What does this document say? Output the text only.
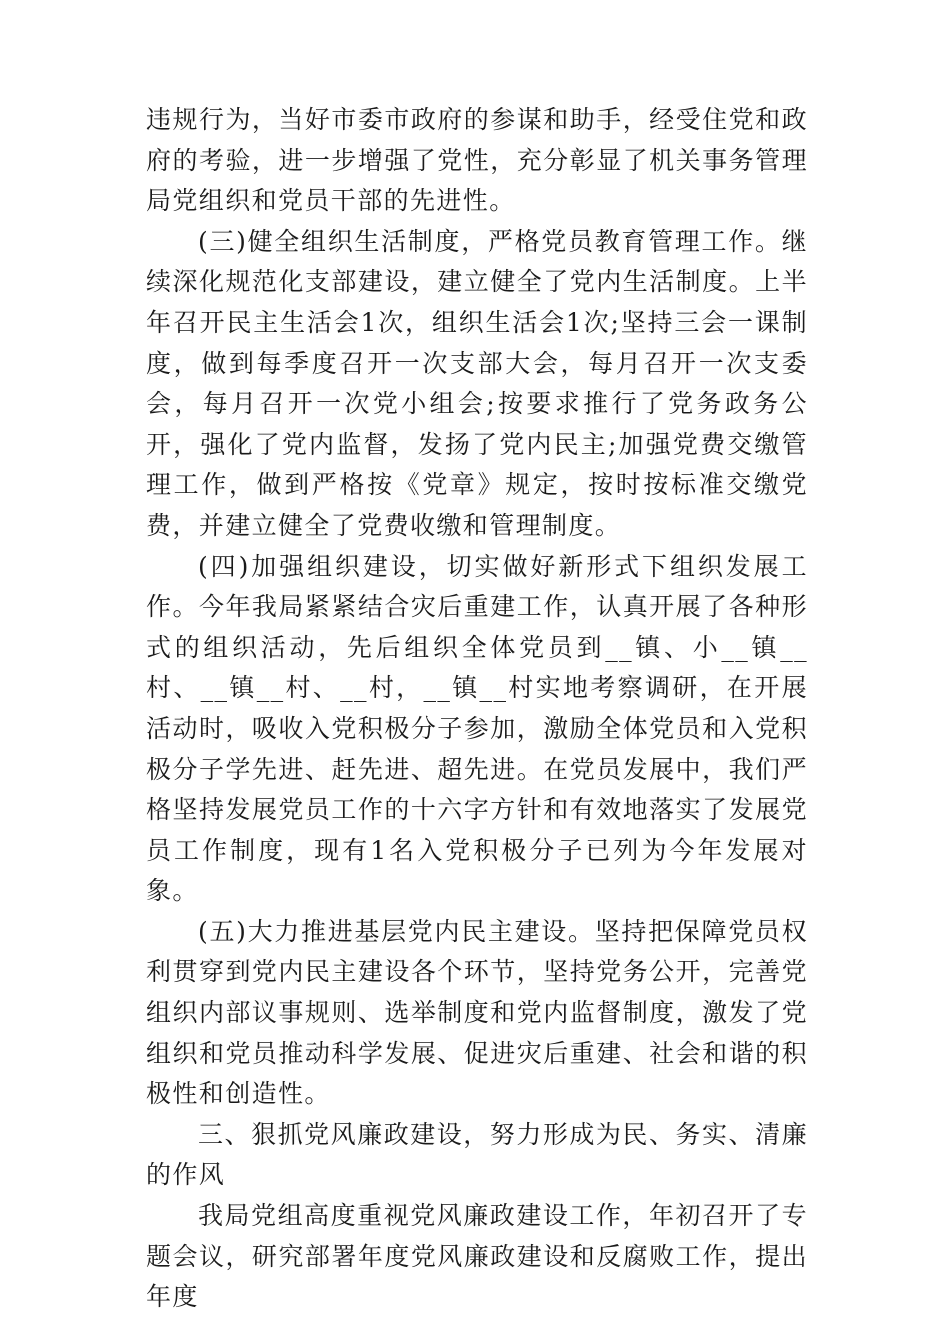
违规行为，当好市委市政府的参谋和助手，经受住党和政府的考验，进一步增强了党性，充分彰显了机关事务管理局党组织和党员干部的先进性。

(三)健全组织生活制度，严格党员教育管理工作。继续深化规范化支部建设，建立健全了党内生活制度。上半年召开民主生活会1次，组织生活会1次;坚持三会一课制度，做到每季度召开一次支部大会，每月召开一次支委会，每月召开一次党小组会;按要求推行了党务政务公开，强化了党内监督，发扬了党内民主;加强党费交缴管理工作，做到严格按《党章》规定，按时按标准交缴党费，并建立健全了党费收缴和管理制度。

(四)加强组织建设，切实做好新形式下组织发展工作。今年我局紧紧结合灾后重建工作，认真开展了各种形式的组织活动，先后组织全体党员到__镇、小__镇__村、__镇__村、__村，__镇__村实地考察调研，在开展活动时，吸收入党积极分子参加，激励全体党员和入党积极分子学先进、赶先进、超先进。在党员发展中，我们严格坚持发展党员工作的十六字方针和有效地落实了发展党员工作制度，现有1名入党积极分子已列为今年发展对象。

(五)大力推进基层党内民主建设。坚持把保障党员权利贯穿到党内民主建设各个环节，坚持党务公开，完善党组织内部议事规则、选举制度和党内监督制度，激发了党组织和党员推动科学发展、促进灾后重建、社会和谐的积极性和创造性。

三、狠抓党风廉政建设，努力形成为民、务实、清廉的作风

我局党组高度重视党风廉政建设工作，年初召开了专题会议，研究部署年度党风廉政建设和反腐败工作，提出年度
